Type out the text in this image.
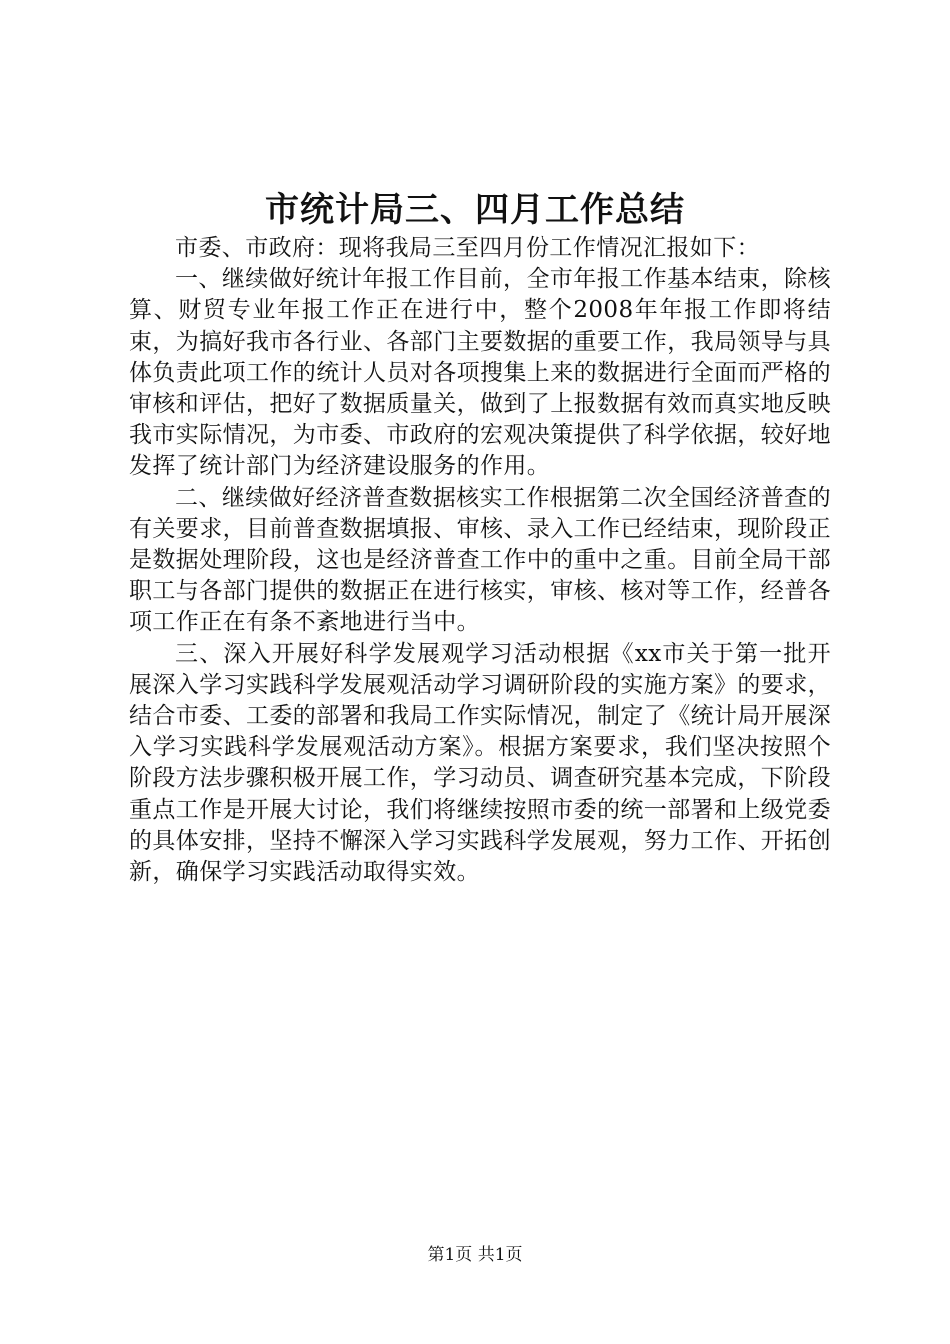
市统计局三、四月工作总结

市委、市政府：现将我局三至四月份工作情况汇报如下：

一、继续做好统计年报工作目前，全市年报工作基本结束，除核算、财贸专业年报工作正在进行中，整个2008年年报工作即将结束，为搞好我市各行业、各部门主要数据的重要工作，我局领导与具体负责此项工作的统计人员对各项搜集上来的数据进行全面而严格的审核和评估，把好了数据质量关，做到了上报数据有效而真实地反映我市实际情况，为市委、市政府的宏观决策提供了科学依据，较好地发挥了统计部门为经济建设服务的作用。

二、继续做好经济普查数据核实工作根据第二次全国经济普查的有关要求，目前普查数据填报、审核、录入工作已经结束，现阶段正是数据处理阶段，这也是经济普查工作中的重中之重。目前全局干部职工与各部门提供的数据正在进行核实，审核、核对等工作，经普各项工作正在有条不紊地进行当中。

三、深入开展好科学发展观学习活动根据《xx市关于第一批开展深入学习实践科学发展观活动学习调研阶段的实施方案》的要求，结合市委、工委的部署和我局工作实际情况，制定了《统计局开展深入学习实践科学发展观活动方案》。根据方案要求，我们坚决按照个阶段方法步骤积极开展工作，学习动员、调查研究基本完成，下阶段重点工作是开展大讨论，我们将继续按照市委的统一部署和上级党委的具体安排，坚持不懈深入学习实践科学发展观，努力工作、开拓创新，确保学习实践活动取得实效。

第1页 共1页
